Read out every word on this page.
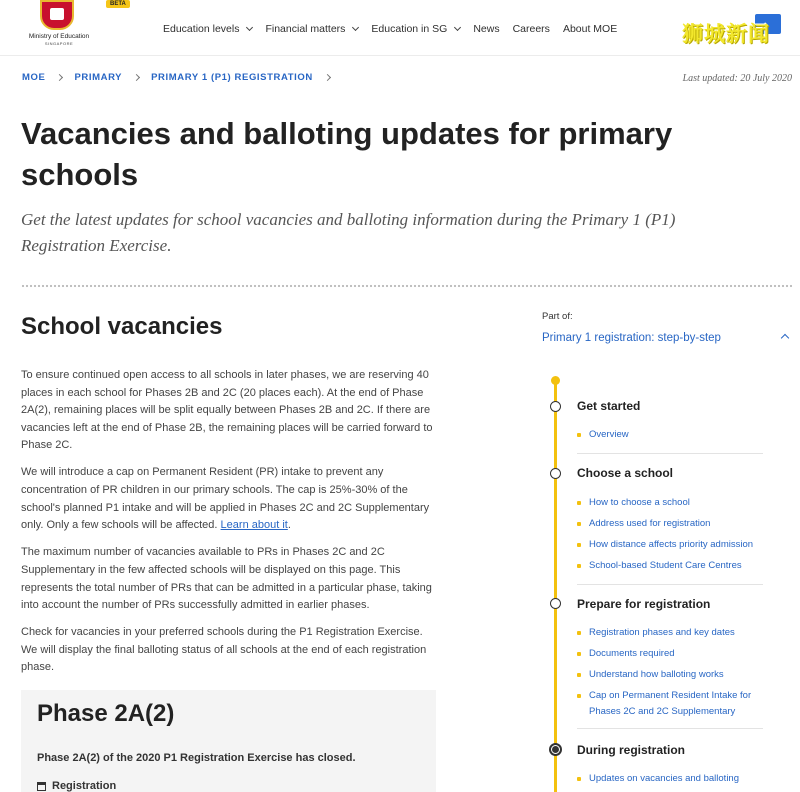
BETA
Ministry of Education
SINGAPORE
Education levels Financial matters Education in SG News Careers About MOE	狮城新闻
MOE	PRIMARY	PRIMARY 1 (P1) REGISTRATION	Last updated: 20 July 2020
Vacancies and balloting updates for primary schools

Get the latest updates for school vacancies and balloting information during the Primary 1 (P1) Registration Exercise.

School vacancies

To ensure continued open access to all schools in later phases, we are reserving 40 places in each school for Phases 2B and 2C (20 places each). At the end of Phase 2A(2), remaining places will be split equally between Phases 2B and 2C. If there are vacancies left at the end of Phase 2B, the remaining places will be carried forward to Phase 2C.

We will introduce a cap on Permanent Resident (PR) intake to prevent any concentration of PR children in our primary schools. The cap is 25%-30% of the school's planned P1 intake and will be applied in Phases 2C and 2C Supplementary only. Only a few schools will be affected. Learn about it.

The maximum number of vacancies available to PRs in Phases 2C and 2C Supplementary in the few affected schools will be displayed on this page. This represents the total number of PRs that can be admitted in a particular phase, taking into account the number of PRs successfully admitted in earlier phases.

Check for vacancies in your preferred schools during the P1 Registration Exercise. We will display the final balloting status of all schools at the end of each registration phase.

Phase 2A(2)
Phase 2A(2) of the 2020 P1 Registration Exercise has closed.
Registration
Part of:
Primary 1 registration: step-by-step
Get started
Overview
Choose a school
How to choose a school
Address used for registration
How distance affects priority admission
School-based Student Care Centres
Prepare for registration
Registration phases and key dates
Documents required
Understand how balloting works
Cap on Permanent Resident Intake for Phases 2C and 2C Supplementary
During registration
Updates on vacancies and balloting
